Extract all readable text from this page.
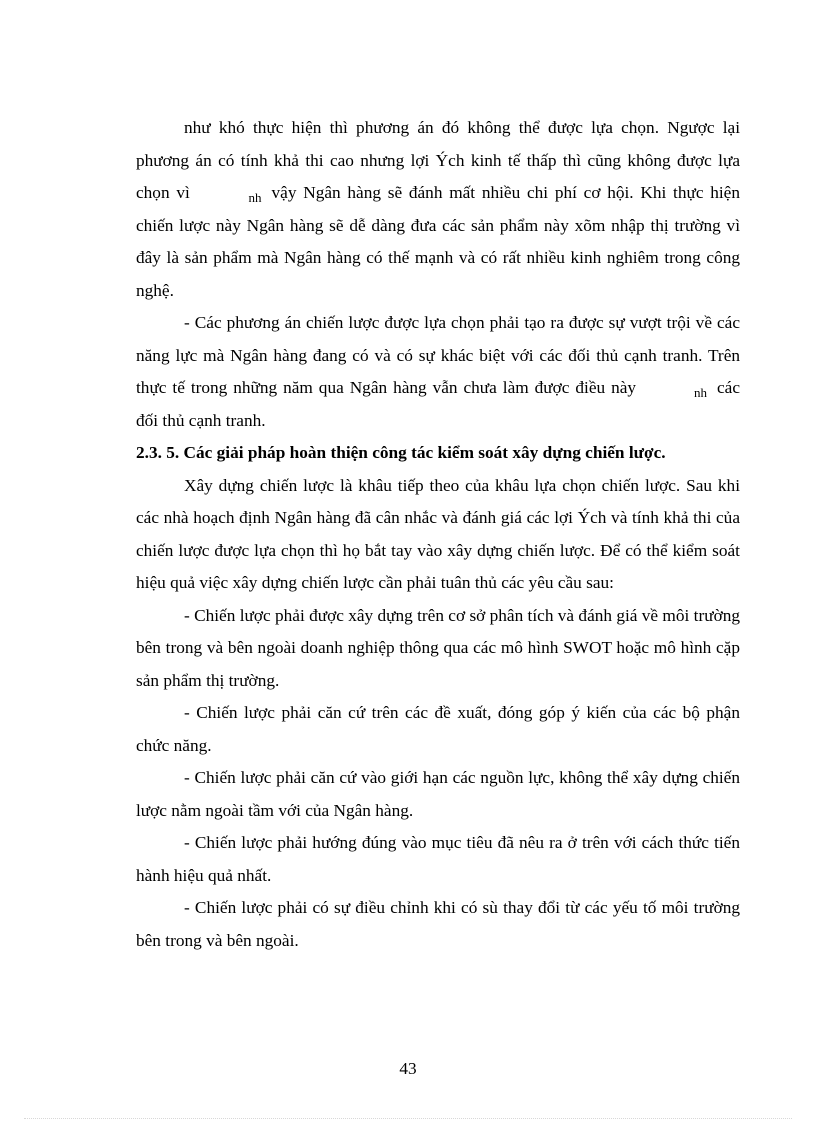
như khó thực hiện thì phương án đó không thể được lựa chọn. Ngược lại phương án có tính khả thi cao nhưng lợi Ých kinh tế thấp thì cũng không được lựa chọn vì	nh vậy Ngân hàng sẽ đánh mất nhiều chi phí cơ hội. Khi thực hiện chiến lược này Ngân hàng sẽ dễ dàng đưa các sản phẩm này xõm nhập thị trường vì đây là sản phẩm mà Ngân hàng có thế mạnh và có rất nhiều kinh nghiêm trong công nghệ.

- Các phương án chiến lược được lựa chọn phải tạo ra được sự vượt trội về các năng lực mà Ngân hàng đang có và có sự khác biệt với các đối thủ cạnh tranh. Trên thực tế trong những năm qua Ngân hàng vẫn chưa làm được điều này	nh các đối thủ cạnh tranh.

2.3. 5. Các giải pháp hoàn thiện công tác kiểm soát xây dựng chiến lược.

Xây dựng chiến lược là khâu tiếp theo của khâu lựa chọn chiến lược. Sau khi các nhà hoạch định Ngân hàng đã cân nhắc và đánh giá các lợi Ých và tính khả thi của chiến lược được lựa chọn thì họ bắt tay vào xây dựng chiến lược. Để có thể kiểm soát hiệu quả việc xây dựng chiến lược cần phải tuân thủ các yêu cầu sau:

- Chiến lược phải được xây dựng trên cơ sở phân tích và đánh giá về môi trường bên trong và bên ngoài doanh nghiệp thông qua các mô hình SWOT hoặc mô hình cặp sản phẩm thị trường.

- Chiến lược phải căn cứ trên các đề xuất, đóng góp ý kiến của các bộ phận chức năng.

- Chiến lược phải căn cứ vào giới hạn các nguồn lực, không thể xây dựng chiến lược nằm ngoài tầm với của Ngân hàng.

- Chiến lược phải hướng đúng vào mục tiêu đã nêu ra ở trên với cách thức tiến hành hiệu quả nhất.

- Chiến lược phải có sự điều chỉnh khi có sù thay đổi từ các yếu tố môi trường bên trong và bên ngoài.

43
